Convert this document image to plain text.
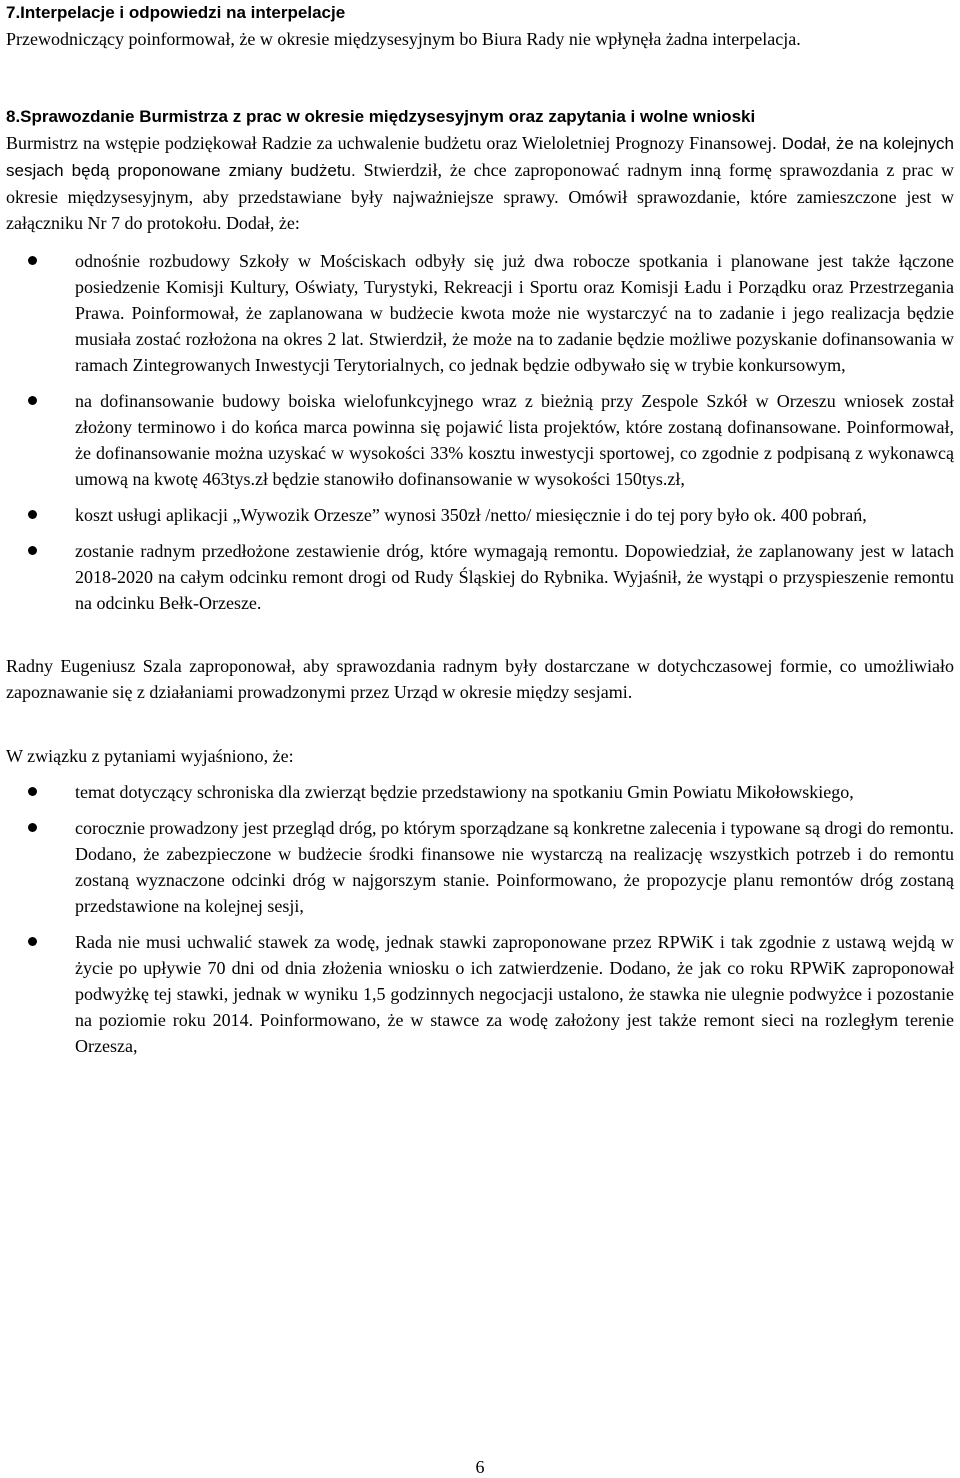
7.Interpelacje i odpowiedzi na interpelacje

Przewodniczący poinformował, że w okresie międzysesyjnym bo Biura Rady nie wpłynęła żadna interpelacja.

8.Sprawozdanie Burmistrza z prac w okresie międzysesyjnym oraz zapytania i wolne wnioski

Burmistrz na wstępie podziękował Radzie za uchwalenie budżetu oraz Wieloletniej Prognozy Finansowej. Dodał, że na kolejnych sesjach będą proponowane zmiany budżetu. Stwierdził, że chce zaproponować radnym inną formę sprawozdania z prac w okresie międzysesyjnym, aby przedstawiane były najważniejsze sprawy. Omówił sprawozdanie, które zamieszczone jest w załączniku Nr 7 do protokołu. Dodał, że:

odnośnie rozbudowy Szkoły w Mościskach odbyły się już dwa robocze spotkania i planowane jest także łączone posiedzenie Komisji Kultury, Oświaty, Turystyki, Rekreacji i Sportu oraz Komisji Ładu i Porządku oraz Przestrzegania Prawa. Poinformował, że zaplanowana w budżecie kwota może nie wystarczyć na to zadanie i jego realizacja będzie musiała zostać rozłożona na okres 2 lat. Stwierdził, że może na to zadanie będzie możliwe pozyskanie dofinansowania w ramach Zintegrowanych Inwestycji Terytorialnych, co jednak będzie odbywało się w trybie konkursowym,
na dofinansowanie budowy boiska wielofunkcyjnego wraz z bieżnią przy Zespole Szkół w Orzeszu wniosek został złożony terminowo i do końca marca powinna się pojawić lista projektów, które zostaną dofinansowane. Poinformował, że dofinansowanie można uzyskać w wysokości 33% kosztu inwestycji sportowej, co zgodnie z podpisaną z wykonawcą umową na kwotę 463tys.zł będzie stanowiło dofinansowanie w wysokości 150tys.zł,
koszt usługi aplikacji „Wywozik Orzesze” wynosi 350zł /netto/ miesięcznie i do tej pory było ok. 400 pobrań,
zostanie radnym przedłożone zestawienie dróg, które wymagają remontu. Dopowiedział, że zaplanowany jest w latach 2018-2020 na całym odcinku remont drogi od Rudy Śląskiej do Rybnika. Wyjaśnił, że wystąpi o przyspieszenie remontu na odcinku Bełk-Orzesze.

Radny Eugeniusz Szala zaproponował, aby sprawozdania radnym były dostarczane w dotychczasowej formie, co umożliwiało zapoznawanie się z działaniami prowadzonymi przez Urząd w okresie między sesjami.

W związku z pytaniami wyjaśniono, że:

temat dotyczący schroniska dla zwierząt będzie przedstawiony na spotkaniu Gmin Powiatu Mikołowskiego,
corocznie prowadzony jest przegląd dróg, po którym sporządzane są konkretne zalecenia i typowane są drogi do remontu. Dodano, że zabezpieczone w budżecie środki finansowe nie wystarczą na realizację wszystkich potrzeb i do remontu zostaną wyznaczone odcinki dróg w najgorszym stanie. Poinformowano, że propozycje planu remontów dróg zostaną przedstawione na kolejnej sesji,
Rada nie musi uchwalić stawek za wodę, jednak stawki zaproponowane przez RPWiK i tak zgodnie z ustawą wejdą w życie po upływie 70 dni od dnia złożenia wniosku o ich zatwierdzenie. Dodano, że jak co roku RPWiK zaproponował podwyżkę tej stawki, jednak w wyniku 1,5 godzinnych negocjacji ustalono, że stawka nie ulegnie podwyżce i pozostanie na poziomie roku 2014. Poinformowano, że w stawce za wodę założony jest także remont sieci na rozległym terenie Orzesza,
6
